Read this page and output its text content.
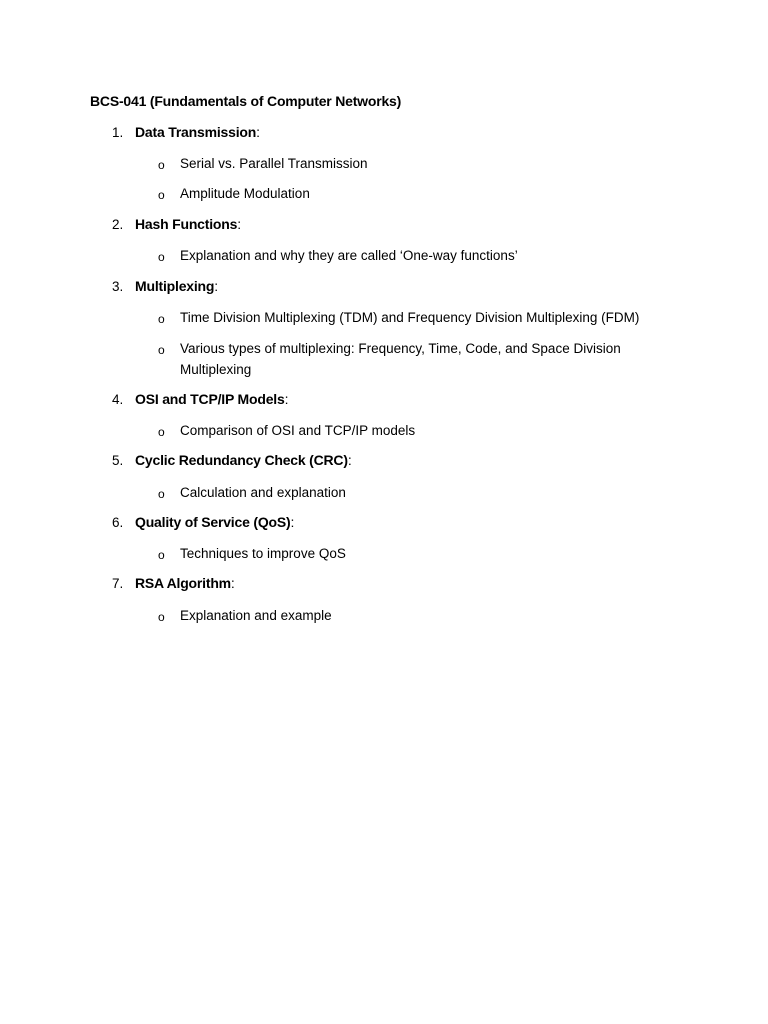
BCS-041 (Fundamentals of Computer Networks)
1. Data Transmission:
o Serial vs. Parallel Transmission
o Amplitude Modulation
2. Hash Functions:
o Explanation and why they are called ‘One-way functions’
3. Multiplexing:
o Time Division Multiplexing (TDM) and Frequency Division Multiplexing (FDM)
o Various types of multiplexing: Frequency, Time, Code, and Space Division Multiplexing
4. OSI and TCP/IP Models:
o Comparison of OSI and TCP/IP models
5. Cyclic Redundancy Check (CRC):
o Calculation and explanation
6. Quality of Service (QoS):
o Techniques to improve QoS
7. RSA Algorithm:
o Explanation and example
